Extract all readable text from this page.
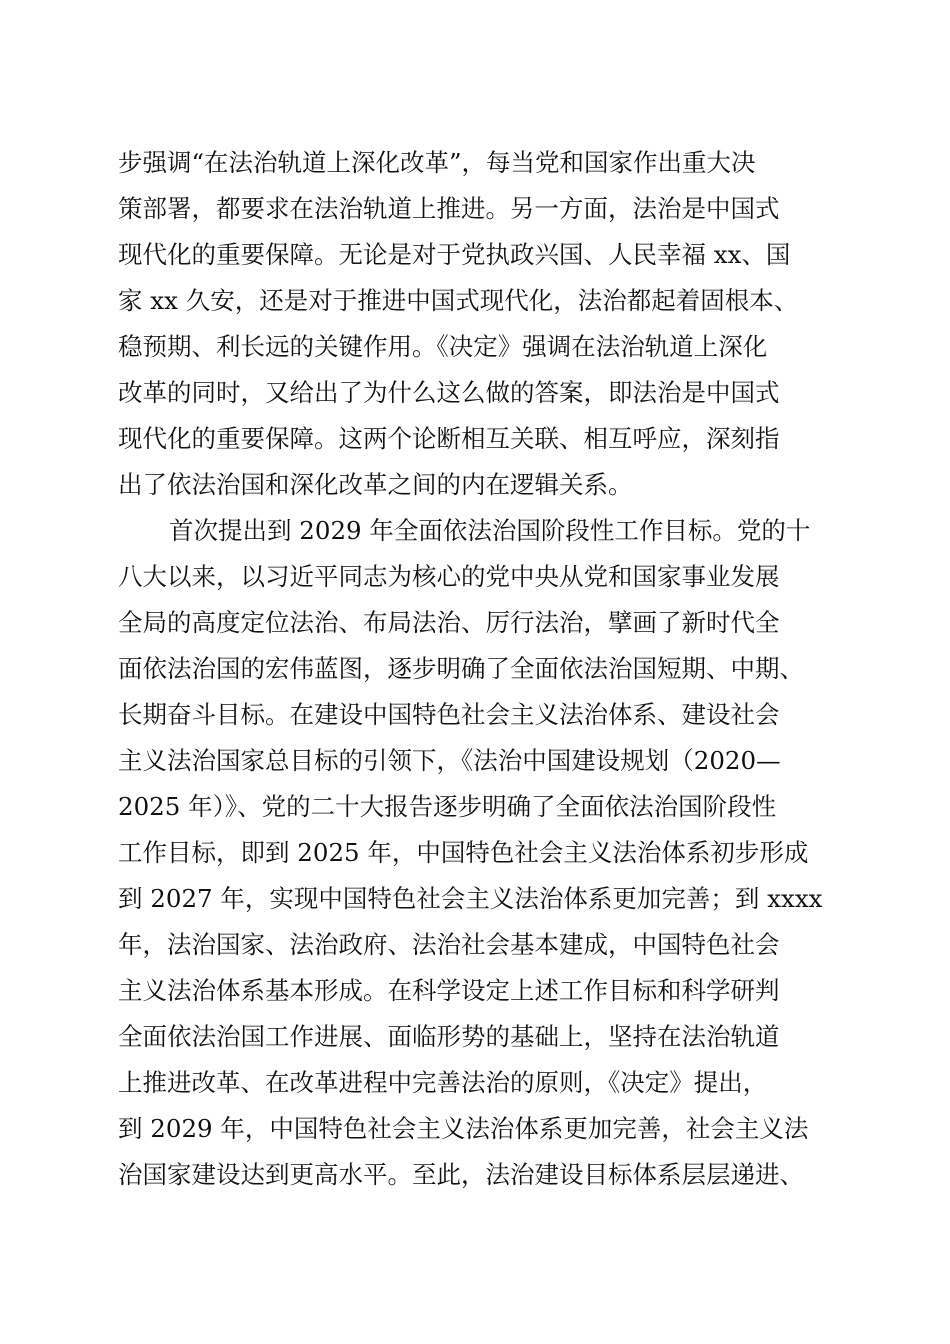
步强调“在法治轨道上深化改革”，每当党和国家作出重大决
策部署，都要求在法治轨道上推进。另一方面，法治是中国式
现代化的重要保障。无论是对于党执政兴国、人民幸福 xx、国
家 xx 久安，还是对于推进中国式现代化，法治都起着固根本、
稳预期、利长远的关键作用。《决定》强调在法治轨道上深化
改革的同时，又给出了为什么这么做的答案，即法治是中国式
现代化的重要保障。这两个论断相互关联、相互呼应，深刻指
出了依法治国和深化改革之间的内在逻辑关系。
首次提出到 2029 年全面依法治国阶段性工作目标。党的十
八大以来，以习近平同志为核心的党中央从党和国家事业发展
全局的高度定位法治、布局法治、厉行法治，擘画了新时代全
面依法治国的宏伟蓝图，逐步明确了全面依法治国短期、中期、
长期奋斗目标。在建设中国特色社会主义法治体系、建设社会
主义法治国家总目标的引领下，《法治中国建设规划（2020—
2025 年）》、党的二十大报告逐步明确了全面依法治国阶段性
工作目标，即到 2025 年，中国特色社会主义法治体系初步形成
到 2027 年，实现中国特色社会主义法治体系更加完善；到 xxxx
年，法治国家、法治政府、法治社会基本建成，中国特色社会
主义法治体系基本形成。在科学设定上述工作目标和科学研判
全面依法治国工作进展、面临形势的基础上，坚持在法治轨道
上推进改革、在改革进程中完善法治的原则，《决定》提出，
到 2029 年，中国特色社会主义法治体系更加完善，社会主义法
治国家建设达到更高水平。至此，法治建设目标体系层层递进、
